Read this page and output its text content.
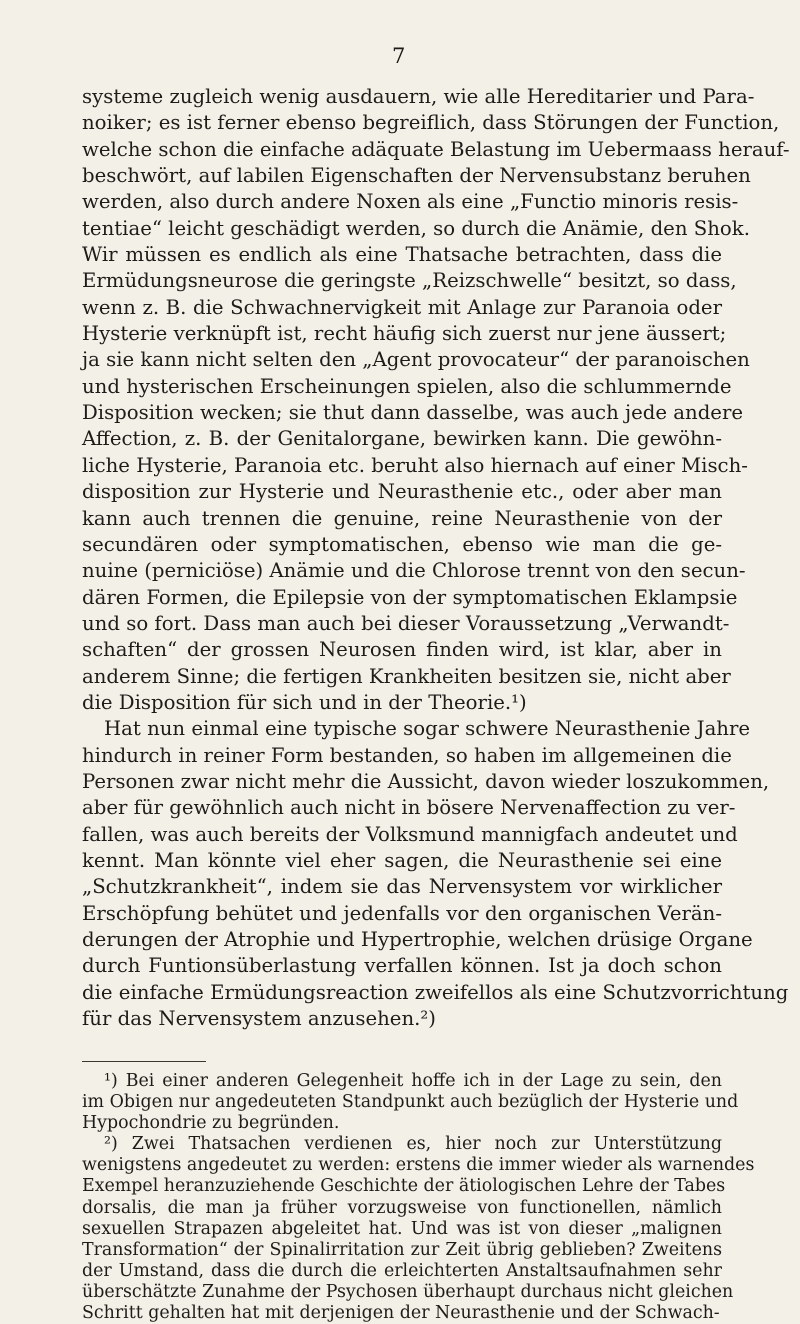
7
systeme zugleich wenig ausdauern, wie alle Hereditarier und Para-
noiker; es ist ferner ebenso begreiflich, dass Störungen der Function,
welche schon die einfache adäquate Belastung im Uebermaass herauf-
beschwört, auf labilen Eigenschaften der Nervensubstanz beruhen
werden, also durch andere Noxen als eine „Functio minoris resis-
tentiae“ leicht geschädigt werden, so durch die Anämie, den Shok.
Wir müssen es endlich als eine Thatsache betrachten, dass die
Ermüdungsneurose die geringste „Reizschwelle“ besitzt, so dass,
wenn z. B. die Schwachnervigkeit mit Anlage zur Paranoia oder
Hysterie verknüpft ist, recht häufig sich zuerst nur jene äussert;
ja sie kann nicht selten den „Agent provocateur“ der paranoischen
und hysterischen Erscheinungen spielen, also die schlummernde
Disposition wecken; sie thut dann dasselbe, was auch jede andere
Affection, z. B. der Genitalorgane, bewirken kann. Die gewöhn-
liche Hysterie, Paranoia etc. beruht also hiernach auf einer Misch-
disposition zur Hysterie und Neurasthenie etc., oder aber man
kann auch trennen die genuine, reine Neurasthenie von der
secundären oder symptomatischen, ebenso wie man die ge-
nuine (perniciöse) Anämie und die Chlorose trennt von den secun-
dären Formen, die Epilepsie von der symptomatischen Eklampsie
und so fort. Dass man auch bei dieser Voraussetzung „Verwandt-
schaften“ der grossen Neurosen finden wird, ist klar, aber in
anderem Sinne; die fertigen Krankheiten besitzen sie, nicht aber
die Disposition für sich und in der Theorie.¹)
Hat nun einmal eine typische sogar schwere Neurasthenie Jahre
hindurch in reiner Form bestanden, so haben im allgemeinen die
Personen zwar nicht mehr die Aussicht, davon wieder loszukommen,
aber für gewöhnlich auch nicht in bösere Nervenaffection zu ver-
fallen, was auch bereits der Volksmund mannigfach andeutet und
kennt. Man könnte viel eher sagen, die Neurasthenie sei eine
„Schutzkrankheit“, indem sie das Nervensystem vor wirklicher
Erschöpfung behütet und jedenfalls vor den organischen Verän-
derungen der Atrophie und Hypertrophie, welchen drüsige Organe
durch Funtionsüberlastung verfallen können. Ist ja doch schon
die einfache Ermüdungsreaction zweifellos als eine Schutzvorrichtung
für das Nervensystem anzusehen.²)
¹) Bei einer anderen Gelegenheit hoffe ich in der Lage zu sein, den
im Obigen nur angedeuteten Standpunkt auch bezüglich der Hysterie und
Hypochondrie zu begründen.
²) Zwei Thatsachen verdienen es, hier noch zur Unterstützung
wenigstens angedeutet zu werden: erstens die immer wieder als warnendes
Exempel heranzuziehende Geschichte der ätiologischen Lehre der Tabes
dorsalis, die man ja früher vorzugsweise von functionellen, nämlich
sexuellen Strapazen abgeleitet hat. Und was ist von dieser „malignen
Transformation“ der Spinalirritation zur Zeit übrig geblieben? Zweitens
der Umstand, dass die durch die erleichterten Anstaltsaufnahmen sehr
überschätzte Zunahme der Psychosen überhaupt durchaus nicht gleichen
Schritt gehalten hat mit derjenigen der Neurasthenie und der Schwach-
